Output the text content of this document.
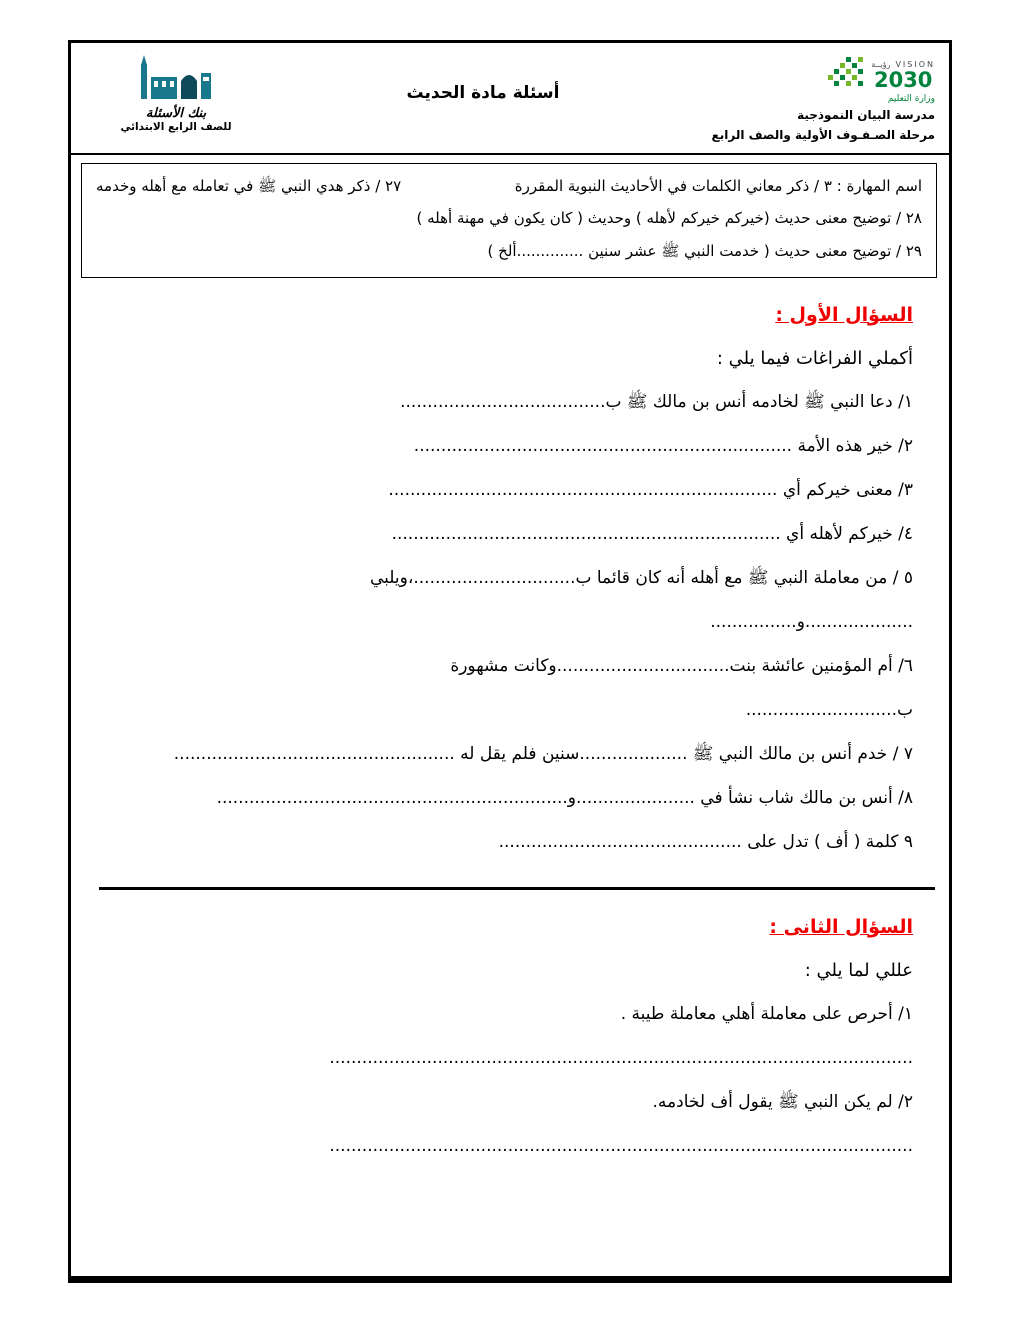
بنك الأسئلة
للصف الرابع الابتدائي
أسئلة مادة الحديث
رؤيــة VISION
2030
وزارة التعليم
مدرسة البيان النموذجية
مرحلة الصـفـوف الأولية والصف الرابع
اسم المهارة : ٣ / ذكر معاني الكلمات في الأحاديث النبوية المقررة
٢٧ / ذكر هدي النبي ﷺ في تعامله مع أهله وخدمه
٢٨ / توضيح معنى حديث (خيركم خيركم لأهله ) وحديث ( كان يكون في مهنة أهله )
٢٩ / توضيح معنى حديث ( خدمت النبي ﷺ عشر سنين ..............ألخ )
السؤال الأول :
أكملي الفراغات فيما يلي :
١/ دعا النبي ﷺ لخادمه أنس بن مالك ﷺ ب......................................
٢/ خير هذه الأمة ......................................................................
٣/ معنى خيركم أي ........................................................................
٤/ خيركم لأهله أي ........................................................................
٥ / من معاملة النبي ﷺ مع أهله أنه كان قائما ب..............................،ويلبي
....................و................
٦/ أم المؤمنين عائشة بنت................................وكانت مشهورة
ب............................
٧ / خدم أنس بن مالك النبي ﷺ ....................سنين فلم يقل له ....................................................
٨/ أنس بن مالك شاب نشأ في ......................و.................................................................
٩ كلمة ( أف ) تدل على .............................................
السؤال الثانى :
عللي لما يلي :
١/ أحرص على معاملة أهلي معاملة طيبة .
............................................................................................................
٢/ لم يكن النبي ﷺ يقول أف لخادمه.
............................................................................................................
